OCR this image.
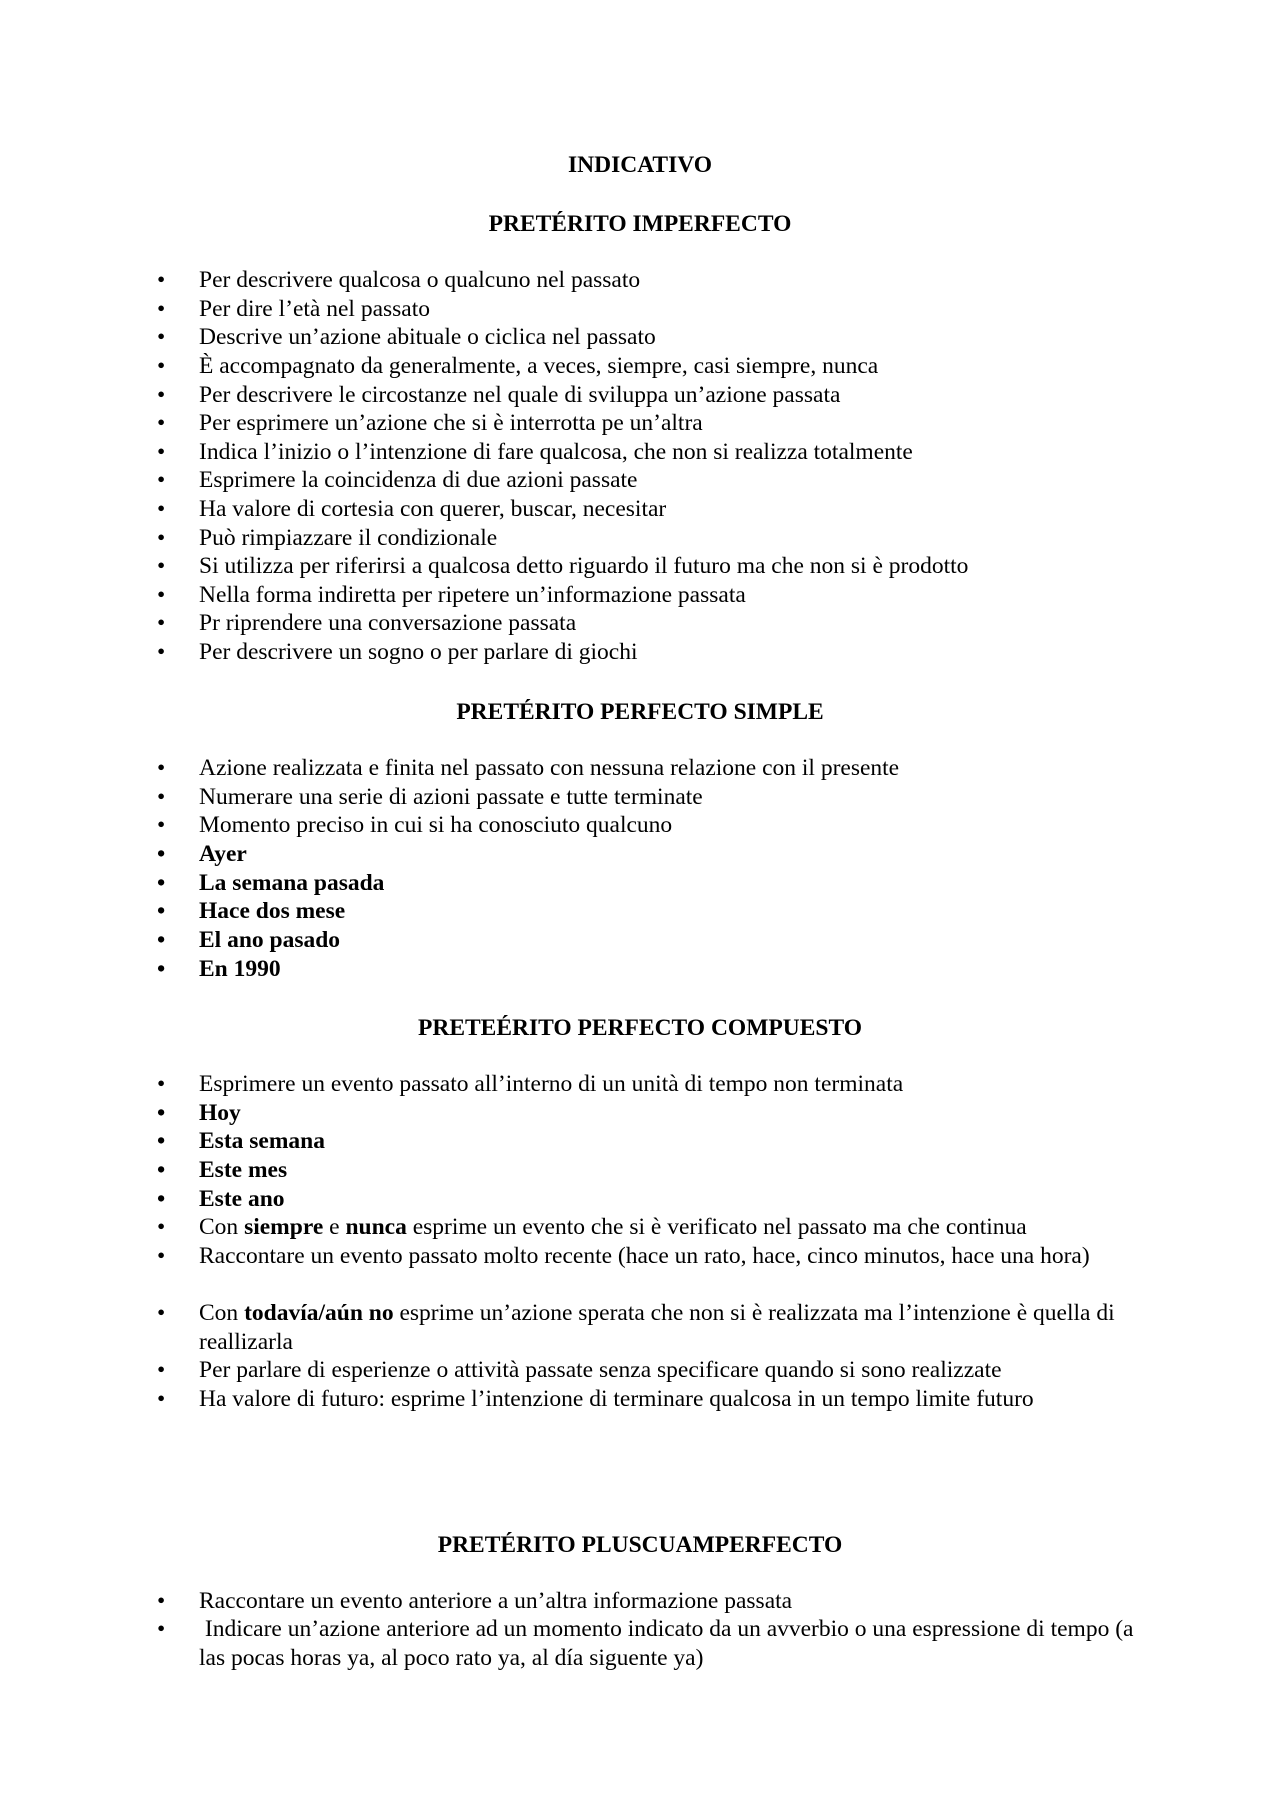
INDICATIVO
PRETÉRITO IMPERFECTO

•	Per descrivere qualcosa o qualcuno nel passato

•	Per dire l’età nel passato

•	Descrive un’azione abituale o ciclica nel passato

•	È accompagnato da generalmente, a veces, siempre, casi siempre, nunca

•	Per descrivere le circostanze nel quale di sviluppa un’azione passata

•	Per esprimere un’azione che si è interrotta pe un’altra

•	Indica l’inizio o l’intenzione di fare qualcosa, che non si realizza totalmente

•	Esprimere la coincidenza di due azioni passate

•	Ha valore di cortesia con querer, buscar, necesitar

•	Può rimpiazzare il condizionale

•	Si utilizza per riferirsi a qualcosa detto riguardo il futuro ma che non si è prodotto

•	Nella forma indiretta per ripetere un’informazione passata

•	Pr riprendere una conversazione passata

•	Per descrivere un sogno o per parlare di giochi

PRETÉRITO PERFECTO SIMPLE

•	Azione realizzata e finita nel passato con nessuna relazione con il presente

•	Numerare una serie di azioni passate e tutte terminate

•	Momento preciso in cui si ha conosciuto qualcuno

•	Ayer

•	La semana pasada

•	Hace dos mese

•	El ano pasado

•	En 1990

PRETEÉRITO PERFECTO COMPUESTO

•	Esprimere un evento passato all’interno di un unità di tempo non terminata

•	Hoy

•	Esta semana

•	Este mes

•	Este ano

•	Con siempre e nunca esprime un evento che si è verificato nel passato ma che continua

•	Raccontare un evento passato molto recente (hace un rato, hace, cinco minutos, hace una hora)

•	Con todavía/aún no esprime un’azione sperata che non si è realizzata ma l’intenzione è quella di reallizarla

•	Per parlare di esperienze o attività passate senza specificare quando si sono realizzate

•	Ha valore di futuro: esprime l’intenzione di terminare qualcosa in un tempo limite futuro

PRETÉRITO PLUSCUAMPERFECTO

•	Raccontare un evento anteriore a un’altra informazione passata

•	Indicare un’azione anteriore ad un momento indicato da un avverbio o una espressione di tempo (a las pocas horas ya, al poco rato ya, al día siguente ya)
